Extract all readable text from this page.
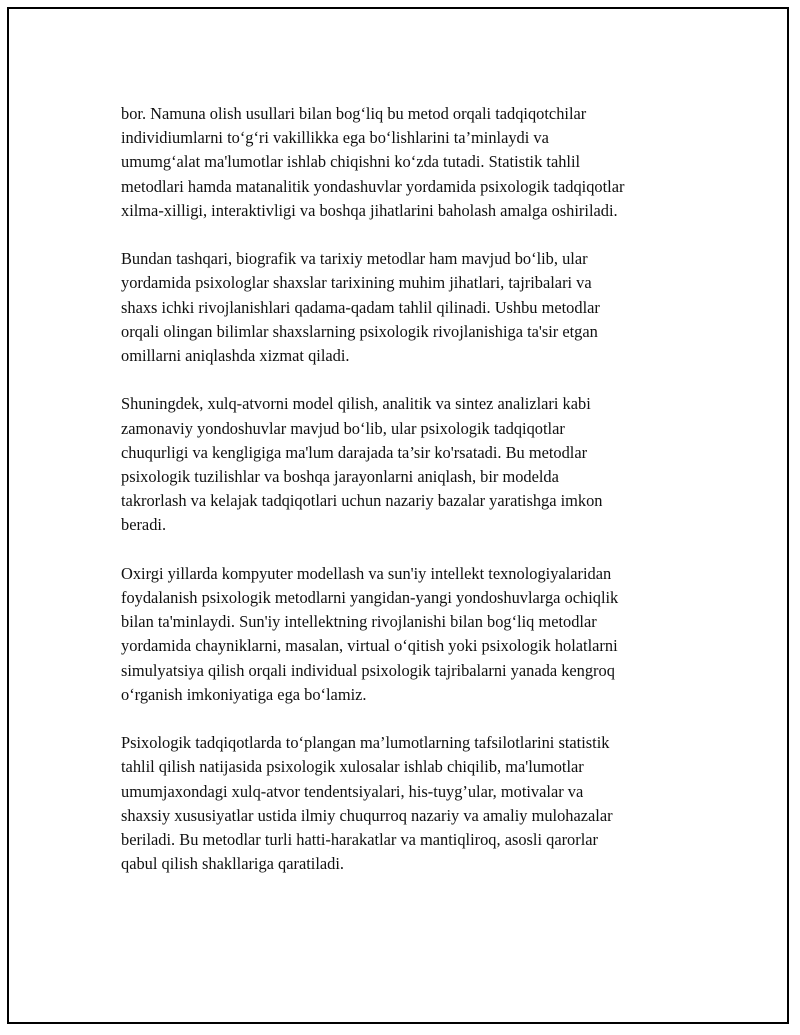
bor. Namuna olish usullari bilan bog‘liq bu metod orqali tadqiqotchilar
individiumlarni to‘g‘ri vakillikka ega bo‘lishlarini ta’minlaydi va
umumg‘alat ma'lumotlar ishlab chiqishni ko‘zda tutadi. Statistik tahlil
metodlari hamda matanalitik yondashuvlar yordamida psixologik tadqiqotlar
xilma-xilligi, interaktivligi va boshqa jihatlarini baholash amalga oshiriladi.

Bundan tashqari, biografik va tarixiy metodlar ham mavjud bo‘lib, ular
yordamida psixologlar shaxslar tarixining muhim jihatlari, tajribalari va
shaxs ichki rivojlanishlari qadama-qadam tahlil qilinadi. Ushbu metodlar
orqali olingan bilimlar shaxslarning psixologik rivojlanishiga ta'sir etgan
omillarni aniqlashda xizmat qiladi.

Shuningdek, xulq-atvorni model qilish, analitik va sintez analizlari kabi
zamonaviy yondoshuvlar mavjud bo‘lib, ular psixologik tadqiqotlar
chuqurligi va kengligiga ma'lum darajada ta’sir ko'rsatadi. Bu metodlar
psixologik tuzilishlar va boshqa jarayonlarni aniqlash, bir modelda
takrorlash va kelajak tadqiqotlari uchun nazariy bazalar yaratishga imkon
beradi.

Oxirgi yillarda kompyuter modellash va sun'iy intellekt texnologiyalaridan
foydalanish psixologik metodlarni yangidan-yangi yondoshuvlarga ochiqlik
bilan ta'minlaydi. Sun'iy intellektning rivojlanishi bilan bog‘liq metodlar
yordamida chayniklarni, masalan, virtual o‘qitish yoki psixologik holatlarni
simulyatsiya qilish orqali individual psixologik tajribalarni yanada kengroq
o‘rganish imkoniyatiga ega bo‘lamiz.

Psixologik tadqiqotlarda to‘plangan ma’lumotlarning tafsilotlarini statistik
tahlil qilish natijasida psixologik xulosalar ishlab chiqilib, ma'lumotlar
umumjaxondagi xulq-atvor tendentsiyalari, his-tuyg’ular, motivalar va
shaxsiy xususiyatlar ustida ilmiy chuqurroq nazariy va amaliy mulohazalar
beriladi. Bu metodlar turli hatti-harakatlar va mantiqliroq, asosli qarorlar
qabul qilish shakllariga qaratiladi.
